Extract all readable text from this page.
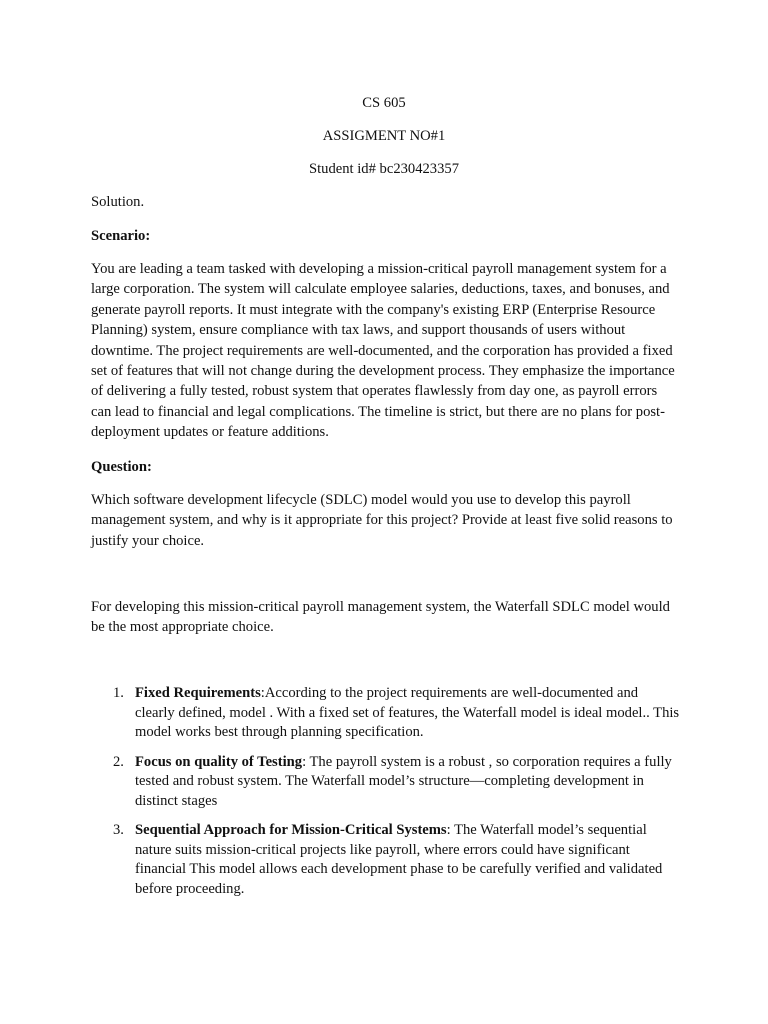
CS 605
ASSIGMENT NO#1
Student id# bc230423357
Solution.
Scenario:
You are leading a team tasked with developing a mission-critical payroll management system for a large corporation. The system will calculate employee salaries, deductions, taxes, and bonuses, and generate payroll reports. It must integrate with the company's existing ERP (Enterprise Resource Planning) system, ensure compliance with tax laws, and support thousands of users without downtime. The project requirements are well-documented, and the corporation has provided a fixed set of features that will not change during the development process. They emphasize the importance of delivering a fully tested, robust system that operates flawlessly from day one, as payroll errors can lead to financial and legal complications. The timeline is strict, but there are no plans for post-deployment updates or feature additions.
Question:
Which software development lifecycle (SDLC) model would you use to develop this payroll management system, and why is it appropriate for this project? Provide at least five solid reasons to justify your choice.
For developing this mission-critical payroll management system, the Waterfall SDLC model would be the most appropriate choice.
1. Fixed Requirements:According to the project requirements are well-documented and clearly defined, model . With a fixed set of features, the Waterfall model is ideal model.. This model works best through planning specification.
2. Focus on quality of Testing: The payroll system is a robust , so corporation requires a fully tested and robust system. The Waterfall model’s structure—completing development in distinct stages
3. Sequential Approach for Mission-Critical Systems: The Waterfall model’s sequential nature suits mission-critical projects like payroll, where errors could have significant financial This model allows each development phase to be carefully verified and validated before proceeding.
